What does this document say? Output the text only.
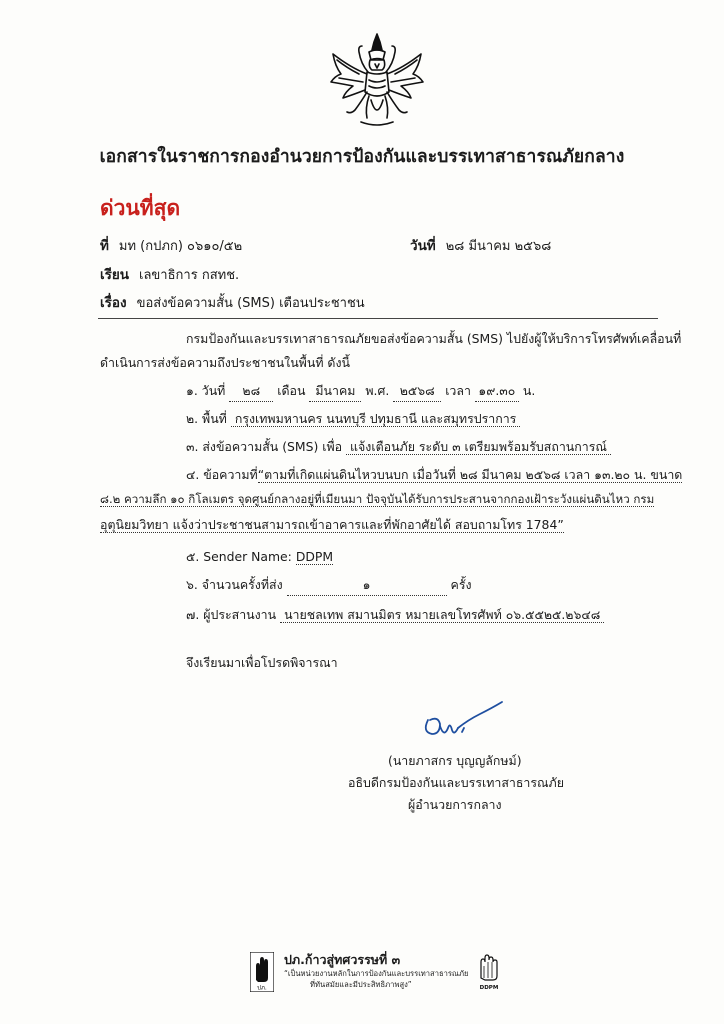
เอกสารในราชการกองอำนวยการป้องกันและบรรเทาสาธารณภัยกลาง
ด่วนที่สุด
ที่ มท (กปภก) ๐๖๑๐/๕๒	วันที่ ๒๘ มีนาคม ๒๕๖๘
เรียน เลขาธิการ กสทช.
เรื่อง ขอส่งข้อความสั้น (SMS) เตือนประชาชน
กรมป้องกันและบรรเทาสาธารณภัยขอส่งข้อความสั้น (SMS) ไปยังผู้ให้บริการโทรศัพท์เคลื่อนที่
ดำเนินการส่งข้อความถึงประชาชนในพื้นที่ ดังนี้
๑. วันที่ ๒๘ เดือน มีนาคม พ.ศ. ๒๕๖๘ เวลา ๑๙.๓๐ น.
๒. พื้นที่ กรุงเทพมหานคร นนทบุรี ปทุมธานี และสมุทรปราการ
๓. ส่งข้อความสั้น (SMS) เพื่อ แจ้งเตือนภัย ระดับ ๓ เตรียมพร้อมรับสถานการณ์
๔. ข้อความที่“ตามที่เกิดแผ่นดินไหวบนบก เมื่อวันที่ ๒๘ มีนาคม ๒๕๖๘ เวลา ๑๓.๒๐ น. ขนาด
๘.๒ ความลึก ๑๐ กิโลเมตร จุดศูนย์กลางอยู่ที่เมียนมา ปัจจุบันได้รับการประสานจากกองเฝ้าระวังแผ่นดินไหว กรม
อุตุนิยมวิทยา แจ้งว่าประชาชนสามารถเข้าอาคารและที่พักอาศัยได้ สอบถามโทร 1784”
๕. Sender Name: DDPM
๖. จำนวนครั้งที่ส่ง	๑	ครั้ง
๗. ผู้ประสานงาน นายชลเทพ สมานมิตร หมายเลขโทรศัพท์ ๐๖.๕๕๒๕.๒๖๔๘
จึงเรียนมาเพื่อโปรดพิจารณา
(นายภาสกร บุญญลักษม์)
อธิบดีกรมป้องกันและบรรเทาสาธารณภัย
ผู้อำนวยการกลาง
ปภ.
ปภ.ก้าวสู่ทศวรรษที่ ๓
“เป็นหน่วยงานหลักในการป้องกันและบรรเทาสาธารณภัย
ที่ทันสมัยและมีประสิทธิภาพสูง”	DDPM
